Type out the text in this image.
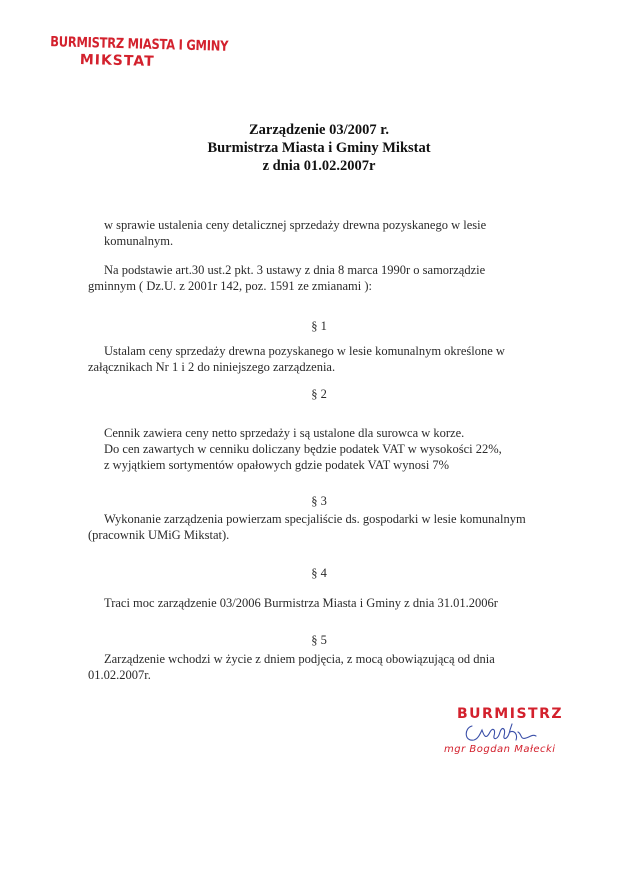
BURMISTRZ MIASTA I GMINY
MIKSTAT
Zarządzenie 03/2007 r.
Burmistrza Miasta i Gminy Mikstat
z dnia 01.02.2007r
w sprawie ustalenia ceny detalicznej sprzedaży drewna pozyskanego w lesie
komunalnym.
Na podstawie art.30 ust.2 pkt. 3 ustawy z dnia 8 marca 1990r o samorządzie
gminnym ( Dz.U. z 2001r 142, poz. 1591 ze zmianami ):
§ 1
Ustalam ceny sprzedaży drewna pozyskanego w lesie komunalnym określone w
załącznikach Nr 1 i 2 do niniejszego zarządzenia.
§ 2
Cennik zawiera ceny netto sprzedaży i są ustalone dla surowca w korze.
Do cen zawartych w cenniku doliczany będzie podatek VAT w wysokości 22%,
z wyjątkiem sortymentów opałowych gdzie podatek VAT wynosi 7%
§ 3
Wykonanie zarządzenia powierzam specjaliście ds. gospodarki w lesie komunalnym
(pracownik UMiG Mikstat).
§ 4
Traci moc zarządzenie 03/2006 Burmistrza Miasta i Gminy z dnia 31.01.2006r
§ 5
Zarządzenie wchodzi w życie z dniem podjęcia, z mocą obowiązującą od dnia
01.02.2007r.
BURMISTRZ
mgr Bogdan Małecki
